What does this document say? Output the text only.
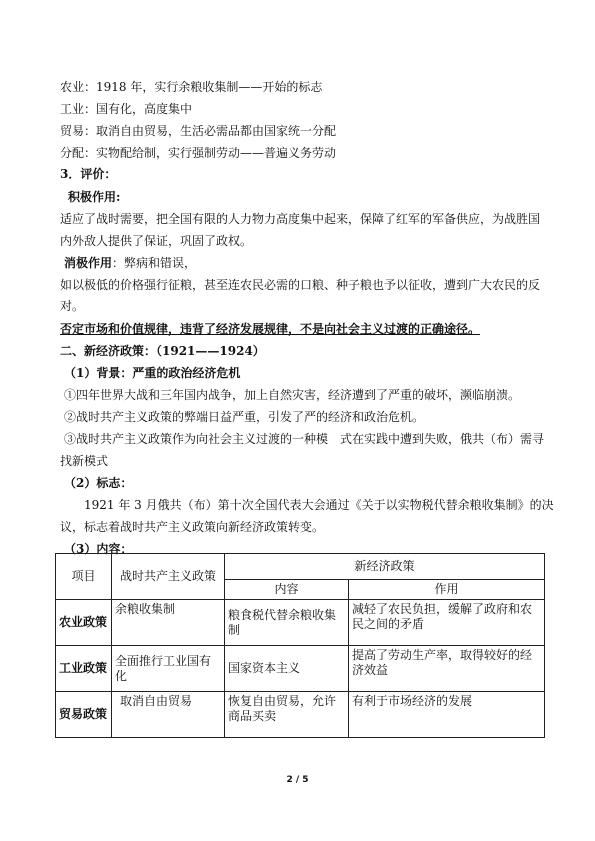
农业：1918 年，实行余粮收集制——开始的标志
工业：国有化，高度集中
贸易：取消自由贸易，生活必需品都由国家统一分配
分配：实物配给制，实行强制劳动——普遍义务劳动
3．评价：
积极作用:
适应了战时需要，把全国有限的人力物力高度集中起来，保障了红军的军备供应，为战胜国
内外敌人提供了保证，巩固了政权。
消极作用：弊病和错误，
如以极低的价格强行征粮，甚至连农民必需的口粮、种子粮也予以征收，遭到广大农民的反
对。
否定市场和价值规律，违背了经济发展规律，不是向社会主义过渡的正确途径。
二、新经济政策：（1921——1924）
（1）背景：严重的政治经济危机
①四年世界大战和三年国内战争，加上自然灾害，经济遭到了严重的破坏，濒临崩溃。
②战时共产主义政策的弊端日益严重，引发了严的经济和政治危机。
③战时共产主义政策作为向社会主义过渡的一种模　式在实践中遭到失败，俄共（布）需寻
找新模式
（2）标志：
1921 年 3 月俄共（布）第十次全国代表大会通过《关于以实物税代替余粮收集制》的决
议，标志着战时共产主义政策向新经济政策转变。
（3）内容：
项目	战时共产主义政策	新经济政策	
		内容	作用
农业政策	余粮收集制	粮食税代替余粮收集制	减轻了农民负担，缓解了政府和农民之间的矛盾
工业政策	全面推行工业国有化	国家资本主义	提高了劳动生产率，取得较好的经济效益
贸易政策	取消自由贸易	恢复自由贸易，允许商品买卖	有利于市场经济的发展
2 / 5
